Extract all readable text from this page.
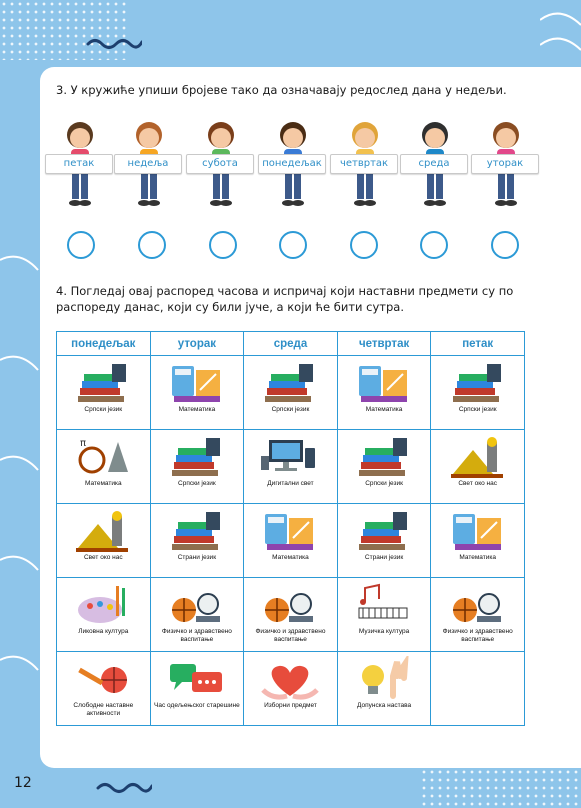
3. У кружиће упиши бројеве тако да означавају редослед дана у недељи.
петак	недеља	субота	понедељак	четвртак	среда	уторак
4. Погледај овај распоред часова и испричај који наставни предмети су по
распореду данас, који су били јуче, а који ће бити сутра.
понедељак	уторак	среда	четвртак	петак

Српски језик	Математика	Српски језик	Математика	Српски језик

π
Математика	Српски језик	Дигитални свет	Српски језик	Свет око нас

Свет око нас	Страни језик	Математика	Страни језик	Математика

Ликовна култура	Физичко и здравствено васпитање	Физичко и здравствено васпитање	Музичка култура	Физичко и здравствено васпитање

Слободне наставне активности	Час одељењског старешине	Изборни предмет	Допунска настава	

12
